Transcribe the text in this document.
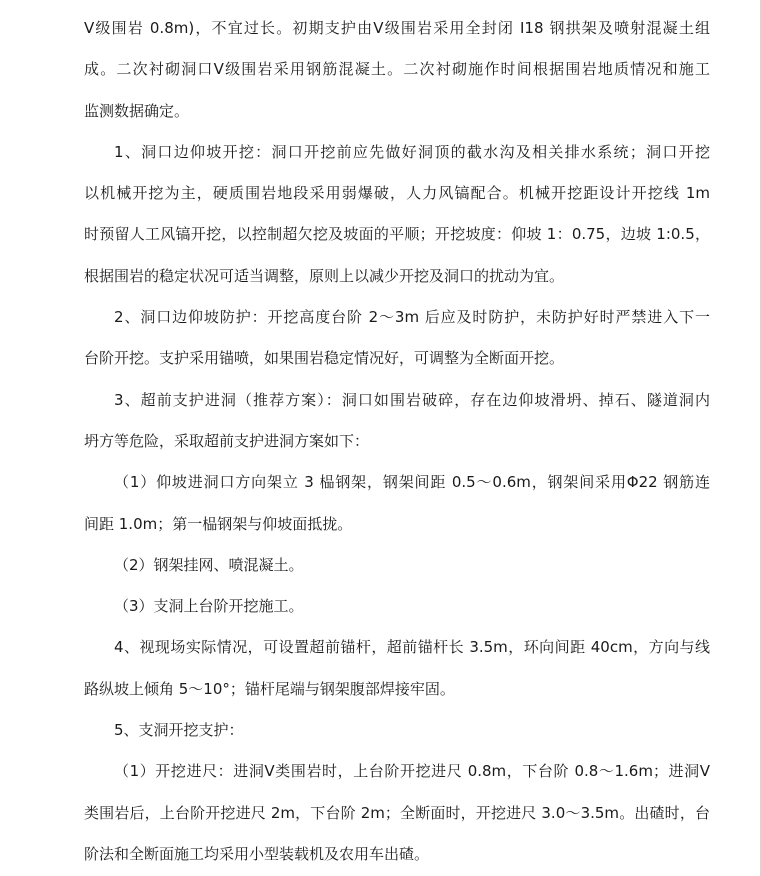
Ⅴ级围岩 0.8m)，不宜过长。初期支护由Ⅴ级围岩采用全封闭 I18 钢拱架及喷射混凝土组
成。二次衬砌洞口Ⅴ级围岩采用钢筋混凝土。二次衬砌施作时间根据围岩地质情况和施工
监测数据确定。
1、洞口边仰坡开挖：洞口开挖前应先做好洞顶的截水沟及相关排水系统；洞口开挖
以机械开挖为主，硬质围岩地段采用弱爆破，人力风镐配合。机械开挖距设计开挖线 1m
时预留人工风镐开挖，以控制超欠挖及坡面的平顺；开挖坡度：仰坡 1：0.75，边坡 1:0.5，
根据围岩的稳定状况可适当调整，原则上以减少开挖及洞口的扰动为宜。
2、洞口边仰坡防护：开挖高度台阶 2～3m 后应及时防护，未防护好时严禁进入下一
台阶开挖。支护采用锚喷，如果围岩稳定情况好，可调整为全断面开挖。
3、超前支护进洞（推荐方案）：洞口如围岩破碎，存在边仰坡滑坍、掉石、隧道洞内
坍方等危险，采取超前支护进洞方案如下：
（1）仰坡进洞口方向架立 3 榀钢架，钢架间距 0.5～0.6m，钢架间采用Φ22 钢筋连
间距 1.0m；第一榀钢架与仰坡面抵拢。
（2）钢架挂网、喷混凝土。
（3）支洞上台阶开挖施工。
4、视现场实际情况，可设置超前锚杆，超前锚杆长 3.5m，环向间距 40cm，方向与线
路纵坡上倾角 5～10°；锚杆尾端与钢架腹部焊接牢固。
5、支洞开挖支护：
（1）开挖进尺：进洞Ⅴ类围岩时，上台阶开挖进尺 0.8m，下台阶 0.8～1.6m；进洞Ⅴ
类围岩后，上台阶开挖进尺 2m，下台阶 2m；全断面时，开挖进尺 3.0～3.5m。出碴时，台
阶法和全断面施工均采用小型装载机及农用车出碴。
